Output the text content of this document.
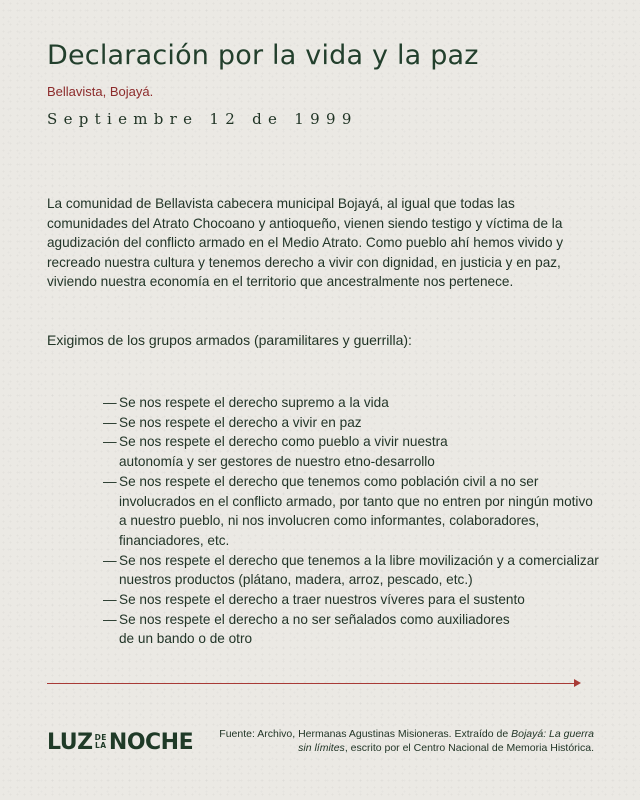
Declaración por la vida y la paz
Bellavista, Bojayá.
Septiembre 12 de 1999

La comunidad de Bellavista cabecera municipal Bojayá, al igual que todas las comunidades del Atrato Chocoano y antioqueño, vienen siendo testigo y víctima de la agudización del conflicto armado en el Medio Atrato. Como pueblo ahí hemos vivido y recreado nuestra cultura y tenemos derecho a vivir con dignidad, en justicia y en paz, viviendo nuestra economía en el territorio que ancestralmente nos pertenece.

Exigimos de los grupos armados (paramilitares y guerrilla):
— Se nos respete el derecho supremo a la vida
— Se nos respete el derecho a vivir en paz
— Se nos respete el derecho como pueblo a vivir nuestra autonomía y ser gestores de nuestro etno-desarrollo
— Se nos respete el derecho que tenemos como población civil a no ser involucrados en el conflicto armado, por tanto que no entren por ningún motivo a nuestro pueblo, ni nos involucren como informantes, colaboradores, financiadores, etc.
— Se nos respete el derecho que tenemos a la libre movilización y a comercializar nuestros productos (plátano, madera, arroz, pescado, etc.)
— Se nos respete el derecho a traer nuestros víveres para el sustento
— Se nos respete el derecho a no ser señalados como auxiliadores de un bando o de otro
LUZ DE
LA NOCHE	Fuente: Archivo, Hermanas Agustinas Misioneras. Extraído de Bojayá: La guerra sin límites, escrito por el Centro Nacional de Memoria Histórica.
